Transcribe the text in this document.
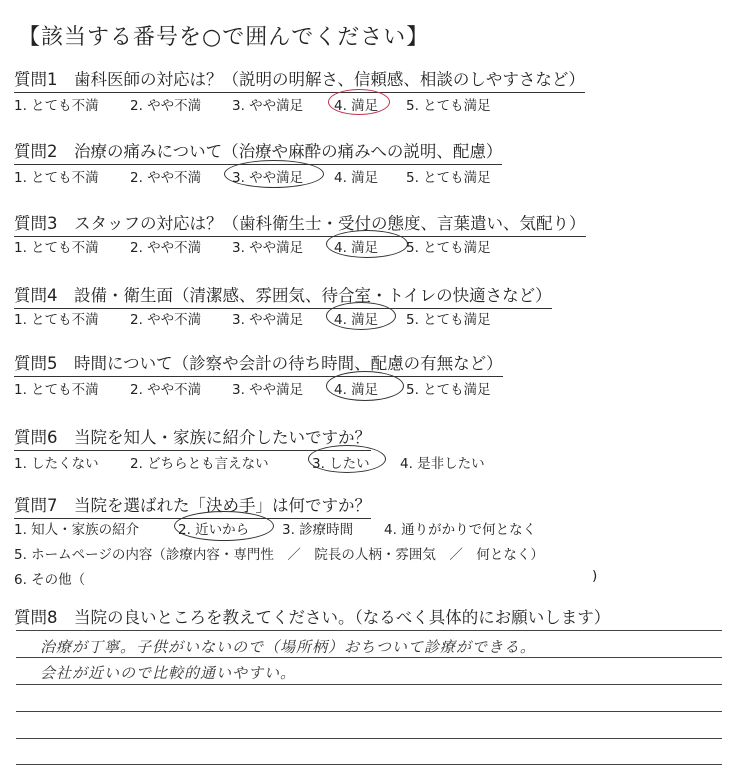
【該当する番号を○で囲んでください】
質問1　歯科医師の対応は？（説明の明解さ、信頼感、相談のしやすさなど）
1. とても不満 2. やや不満 3. やや満足 4. 満足 5. とても満足
質問2　治療の痛みについて（治療や麻酔の痛みへの説明、配慮）
1. とても不満 2. やや不満 3. やや満足 4. 満足 5. とても満足
質問3　スタッフの対応は？（歯科衛生士・受付の態度、言葉遣い、気配り）
1. とても不満 2. やや不満 3. やや満足 4. 満足 5. とても満足
質問4　設備・衛生面（清潔感、雰囲気、待合室・トイレの快適さなど）
1. とても不満 2. やや不満 3. やや満足 4. 満足 5. とても満足
質問5　時間について（診察や会計の待ち時間、配慮の有無など）
1. とても不満 2. やや不満 3. やや満足 4. 満足 5. とても満足
質問6　当院を知人・家族に紹介したいですか？
1. したくない 2. どちらとも言えない	3. したい 4. 是非したい
質問7　当院を選ばれた「決め手」は何ですか？
1. 知人・家族の紹介	2. 近いから 3. 診療時間 4. 通りがかりで何となく
5. ホームページの内容（診療内容・専門性　／　院長の人柄・雰囲気　／　何となく）
6. その他（	)
質問8　当院の良いところを教えてください。（なるべく具体的にお願いします）
治療が丁寧。子供がいないので（場所柄）おちついて診療ができる。
会社が近いので比較的通いやすい。
